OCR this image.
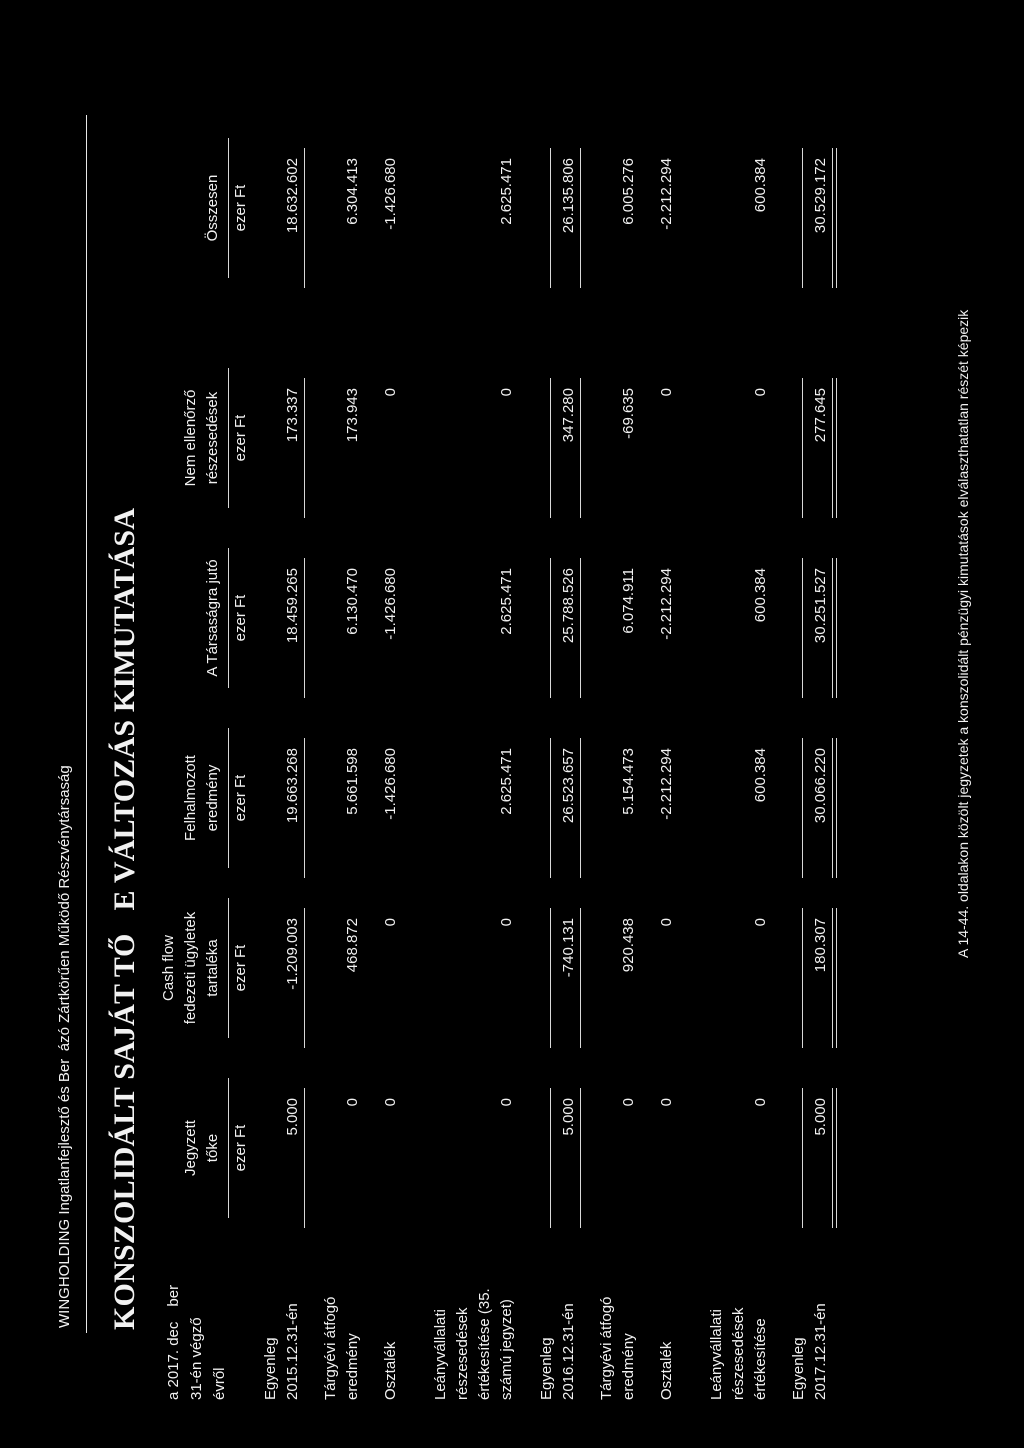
WINGHOLDING Ingatlanfejlesztő és Ber ázó Zártkörűen Működő Részvénytársaság KONSZOLIDÁLT SAJÁT TŐ  E VÁLTOZÁS KIMUTATÁSA
a 2017. dec  ber 31-én végző évről
Jegyzett tőke ezer Ft
Cash flow fedezeti ügyletek tartaléka ezer Ft
Felhalmozott eredmény ezer Ft
A Társaságra jutó ezer Ft
Nem ellenőrző részesedések ezer Ft
Összesen ezer Ft
Egyenleg 2015.12.31-én
5.000
-1.209.003
19.663.268
18.459.265
173.337
18.632.602
Tárgyévi átfogó eredmény
0
468.872
5.661.598
6.130.470
173.943
6.304.413
Osztalék
0
0
-1.426.680
-1.426.680
0
-1.426.680
Leányvállalati részesedések értékesítése (35. számú jegyzet)
0
0
2.625.471
2.625.471
0
2.625.471
Egyenleg 2016.12.31-én
5.000
-740.131
26.523.657
25.788.526
347.280
26.135.806
Tárgyévi átfogó eredmény
0
920.438
5.154.473
6.074.911
-69.635
6.005.276
Osztalék
0
0
-2.212.294
-2.212.294
0
-2.212.294
Leányvállalati részesedések értékesítése
0
0
600.384
600.384
0
600.384
Egyenleg 2017.12.31-én
5.000
180.307
30.066.220
30.251.527
277.645
30.529.172
A 14-44. oldalakon közölt jegyzetek a konszolidált pénzügyi kimutatások elválaszthatatlan részét képezik
